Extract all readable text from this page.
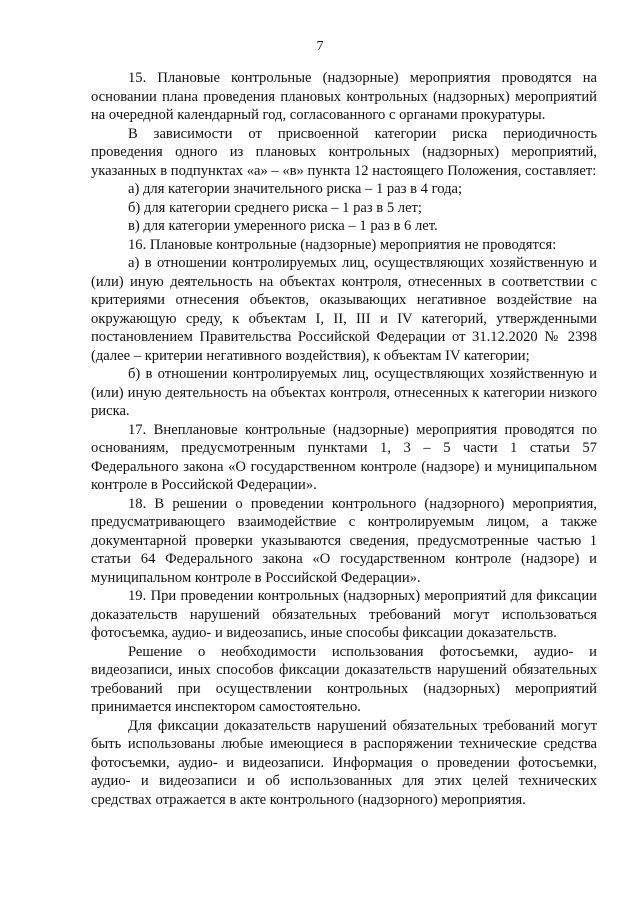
7

15. Плановые контрольные (надзорные) мероприятия проводятся на основании плана проведения плановых контрольных (надзорных) мероприятий на очередной календарный год, согласованного с органами прокуратуры.

В зависимости от присвоенной категории риска периодичность проведения одного из плановых контрольных (надзорных) мероприятий, указанных в подпунктах «а» – «в» пункта 12 настоящего Положения, составляет:

а) для категории значительного риска – 1 раз в 4 года;

б) для категории среднего риска – 1 раз в 5 лет;

в) для категории умеренного риска – 1 раз в 6 лет.

16. Плановые контрольные (надзорные) мероприятия не проводятся:

а) в отношении контролируемых лиц, осуществляющих хозяйственную и (или) иную деятельность на объектах контроля, отнесенных в соответствии с критериями отнесения объектов, оказывающих негативное воздействие на окружающую среду, к объектам I, II, III и IV категорий, утвержденными постановлением Правительства Российской Федерации от 31.12.2020 № 2398 (далее – критерии негативного воздействия), к объектам IV категории;

б) в отношении контролируемых лиц, осуществляющих хозяйственную и (или) иную деятельность на объектах контроля, отнесенных к категории низкого риска.

17. Внеплановые контрольные (надзорные) мероприятия проводятся по основаниям, предусмотренным пунктами 1, 3 – 5 части 1 статьи 57 Федерального закона «О государственном контроле (надзоре) и муниципальном контроле в Российской Федерации».

18. В решении о проведении контрольного (надзорного) мероприятия, предусматривающего взаимодействие с контролируемым лицом, а также документарной проверки указываются сведения, предусмотренные частью 1 статьи 64 Федерального закона «О государственном контроле (надзоре) и муниципальном контроле в Российской Федерации».

19. При проведении контрольных (надзорных) мероприятий для фиксации доказательств нарушений обязательных требований могут использоваться фотосъемка, аудио- и видеозапись, иные способы фиксации доказательств.

Решение о необходимости использования фотосъемки, аудио- и видеозаписи, иных способов фиксации доказательств нарушений обязательных требований при осуществлении контрольных (надзорных) мероприятий принимается инспектором самостоятельно.

Для фиксации доказательств нарушений обязательных требований могут быть использованы любые имеющиеся в распоряжении технические средства фотосъемки, аудио- и видеозаписи. Информация о проведении фотосъемки, аудио- и видеозаписи и об использованных для этих целей технических средствах отражается в акте контрольного (надзорного) мероприятия.
